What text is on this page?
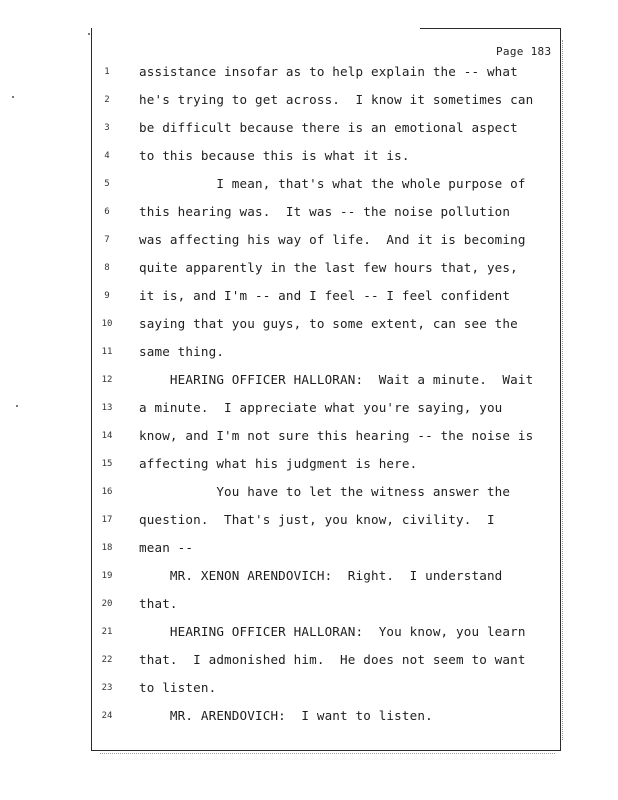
Page 183
1	assistance insofar as to help explain the -- what
2	he's trying to get across.  I know it sometimes can
3	be difficult because there is an emotional aspect
4	to this because this is what it is.
5	I mean, that's what the whole purpose of
6	this hearing was.  It was -- the noise pollution
7	was affecting his way of life.  And it is becoming
8	quite apparently in the last few hours that, yes,
9	it is, and I'm -- and I feel -- I feel confident
10	saying that you guys, to some extent, can see the
11	same thing.
12	HEARING OFFICER HALLORAN:  Wait a minute.  Wait
13	a minute.  I appreciate what you're saying, you
14	know, and I'm not sure this hearing -- the noise is
15	affecting what his judgment is here.
16	You have to let the witness answer the
17	question.  That's just, you know, civility.  I
18	mean --
19	MR. XENON ARENDOVICH:  Right.  I understand
20	that.
21	HEARING OFFICER HALLORAN:  You know, you learn
22	that.  I admonished him.  He does not seem to want
23	to listen.
24	MR. ARENDOVICH:  I want to listen.
